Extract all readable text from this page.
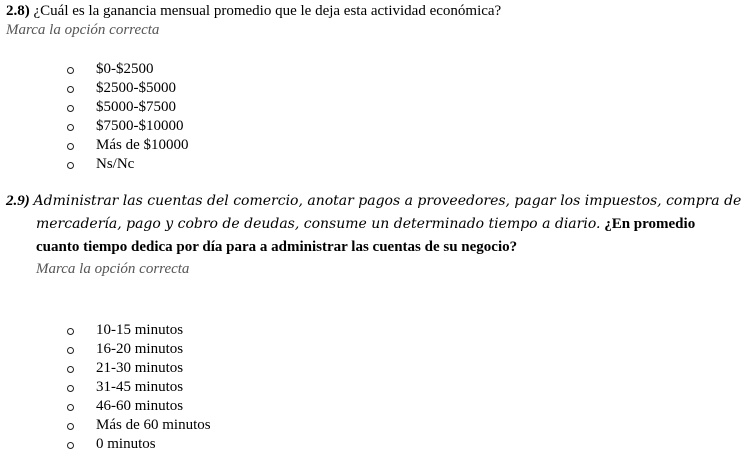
2.8) ¿Cuál es la ganancia mensual promedio que le deja esta actividad económica?
Marca la opción correcta
$0-$2500
$2500-$5000
$5000-$7500
$7500-$10000
Más de $10000
Ns/Nc
2.9) Administrar las cuentas del comercio, anotar pagos a proveedores, pagar los impuestos, compra de
mercadería, pago y cobro de deudas, consume un determinado tiempo a diario. ¿En promedio
cuanto tiempo dedica por día para a administrar las cuentas de su negocio?
Marca la opción correcta
10-15 minutos
16-20 minutos
21-30 minutos
31-45 minutos
46-60 minutos
Más de 60 minutos
0 minutos
